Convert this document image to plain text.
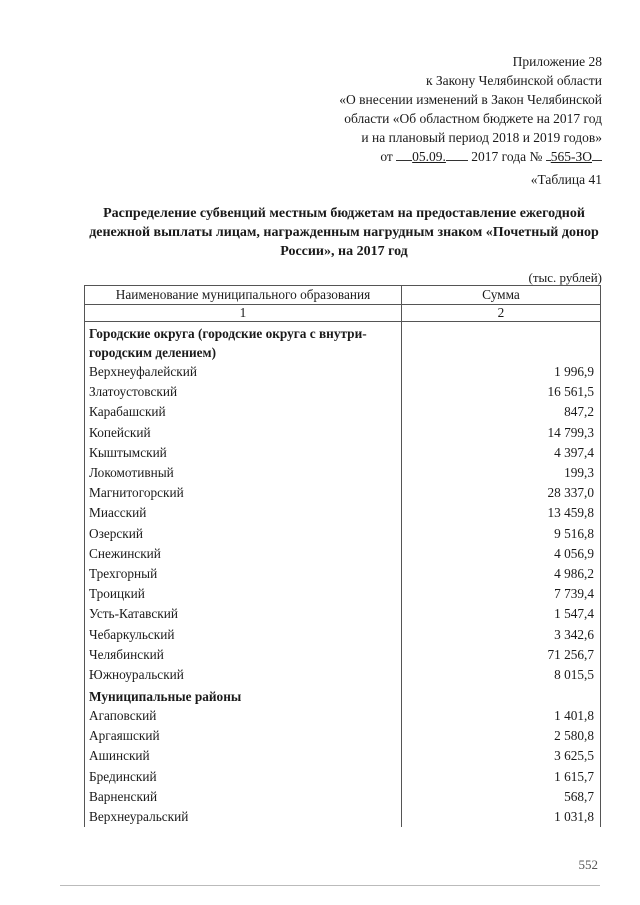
Приложение 28
к Закону Челябинской области
«О внесении изменений в Закон Челябинской
области «Об областном бюджете на 2017 год
и на плановый период 2018 и 2019 годов»
от 05.09. 2017 года № 565-ЗО
«Таблица 41
Распределение субвенций местным бюджетам на предоставление ежегодной денежной выплаты лицам, награжденным нагрудным знаком «Почетный донор России», на 2017 год
(тыс. рублей)
Наименование муниципального образования	Сумма
1	2
Городские округа (городские округа с внутри-городским делением)	
Верхнеуфалейский	1 996,9
Златоустовский	16 561,5
Карабашский	847,2
Копейский	14 799,3
Кыштымский	4 397,4
Локомотивный	199,3
Магнитогорский	28 337,0
Миасский	13 459,8
Озерский	9 516,8
Снежинский	4 056,9
Трехгорный	4 986,2
Троицкий	7 739,4
Усть-Катавский	1 547,4
Чебаркульский	3 342,6
Челябинский	71 256,7
Южноуральский	8 015,5
Муниципальные районы	
Агаповский	1 401,8
Аргаяшский	2 580,8
Ашинский	3 625,5
Брединский	1 615,7
Варненский	568,7
Верхнеуральский	1 031,8
552
